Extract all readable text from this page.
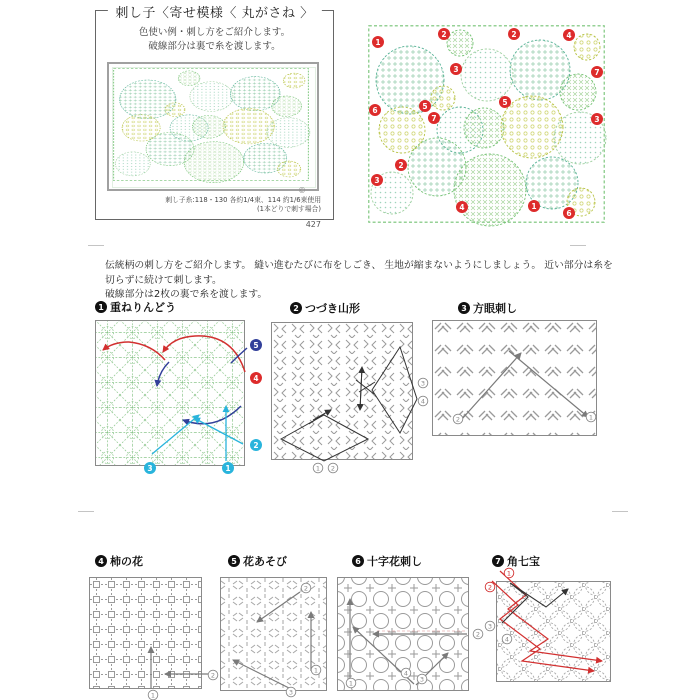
刺し子〈寄せ模様〈 丸がさね 〉
色使い例・刺し方をご紹介します。
破線部分は裏で糸を渡します。
©
刺し子糸:118・130 各約1/4束、114 約1/6束使用
(1本どりで刺す場合)
427
1
2	2	4
3	7
6	5
7
5
3
2
3
4	1
6
伝統柄の刺し方をご紹介します。 縫い進むたびに布をしごき、 生地が縮まないようにしましょう。 近い部分は糸を切らずに続けて刺します。
破線部分は2枚の裏で糸を渡します。
1 重ねりんどう	2 つづき山形	3 方眼刺し
4 柿の花	5 花あそび	6 十字花刺し	7 角七宝
5
4
2
1
3	1 2
3
4
2	1
1
2
2
1
3
1
2
4
3
1
2
3
4
